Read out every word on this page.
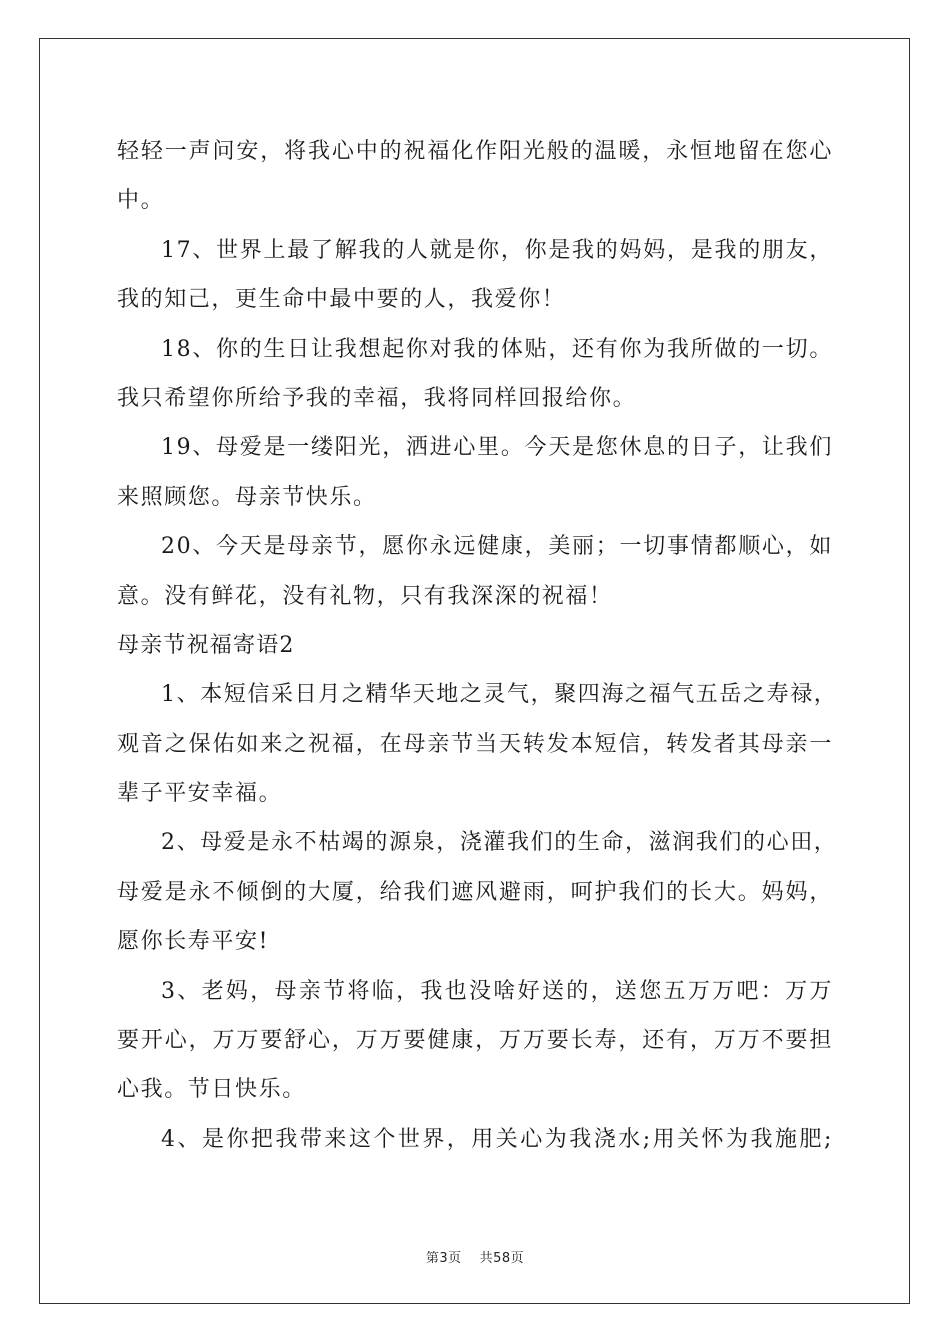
轻轻一声问安，将我心中的祝福化作阳光般的温暖，永恒地留在您心
中。
17、世界上最了解我的人就是你，你是我的妈妈，是我的朋友，
我的知己，更生命中最中要的人，我爱你！
18、你的生日让我想起你对我的体贴，还有你为我所做的一切。
我只希望你所给予我的幸福，我将同样回报给你。
19、母爱是一缕阳光，洒进心里。今天是您休息的日子，让我们
来照顾您。母亲节快乐。
20、今天是母亲节，愿你永远健康，美丽；一切事情都顺心，如
意。没有鲜花，没有礼物，只有我深深的祝福！
母亲节祝福寄语2
1、本短信采日月之精华天地之灵气，聚四海之福气五岳之寿禄，
观音之保佑如来之祝福，在母亲节当天转发本短信，转发者其母亲一
辈子平安幸福。
2、母爱是永不枯竭的源泉，浇灌我们的生命，滋润我们的心田，
母爱是永不倾倒的大厦，给我们遮风避雨，呵护我们的长大。妈妈，
愿你长寿平安!
3、老妈，母亲节将临，我也没啥好送的，送您五万万吧：万万
要开心，万万要舒心，万万要健康，万万要长寿，还有，万万不要担
心我。节日快乐。
4、是你把我带来这个世界，用关心为我浇水;用关怀为我施肥;
第3页 共58页
